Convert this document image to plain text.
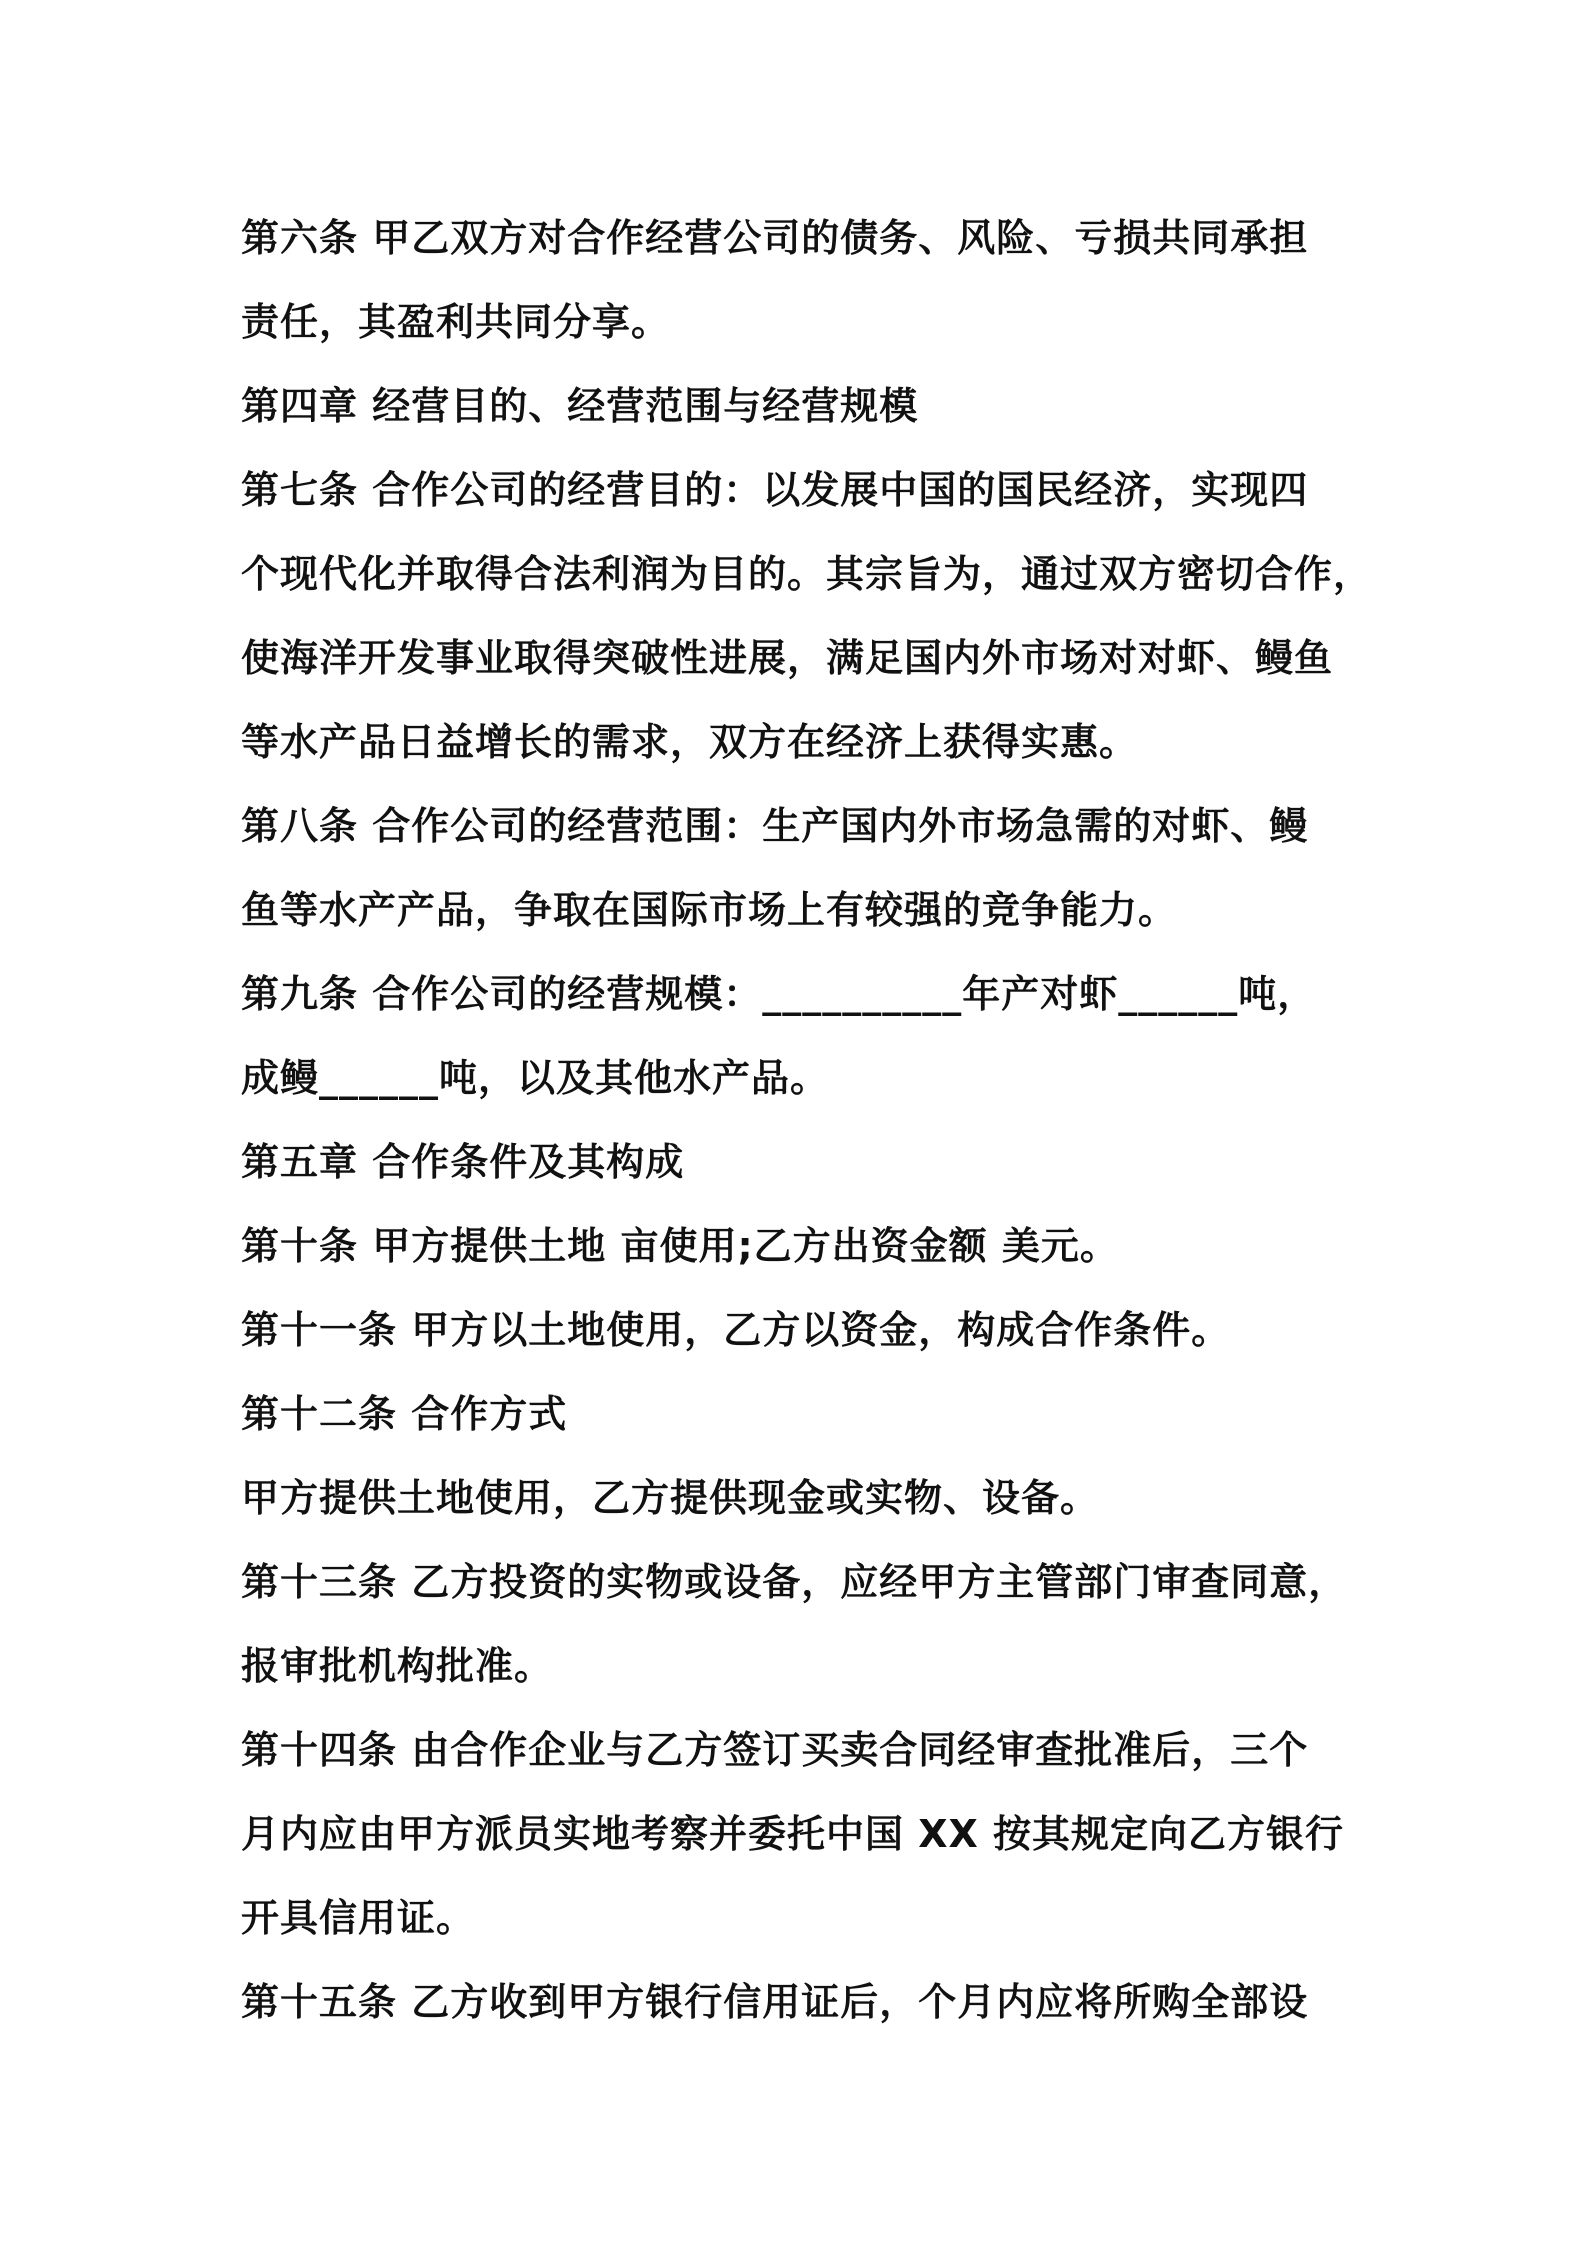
第六条 甲乙双方对合作经营公司的债务、风险、亏损共同承担
责任，其盈利共同分享。
第四章 经营目的、经营范围与经营规模
第七条 合作公司的经营目的：以发展中国的国民经济，实现四
个现代化并取得合法利润为目的。其宗旨为，通过双方密切合作，
使海洋开发事业取得突破性进展，满足国内外市场对对虾、鳗鱼
等水产品日益增长的需求，双方在经济上获得实惠。
第八条 合作公司的经营范围：生产国内外市场急需的对虾、鳗
鱼等水产产品，争取在国际市场上有较强的竞争能力。
第九条 合作公司的经营规模：__________年产对虾______吨，
成鳗______吨，以及其他水产品。
第五章 合作条件及其构成
第十条 甲方提供土地 亩使用;乙方出资金额 美元。
第十一条 甲方以土地使用，乙方以资金，构成合作条件。
第十二条 合作方式
甲方提供土地使用，乙方提供现金或实物、设备。
第十三条 乙方投资的实物或设备，应经甲方主管部门审查同意，
报审批机构批准。
第十四条 由合作企业与乙方签订买卖合同经审查批准后，三个
月内应由甲方派员实地考察并委托中国 XX 按其规定向乙方银行
开具信用证。
第十五条 乙方收到甲方银行信用证后，个月内应将所购全部设
